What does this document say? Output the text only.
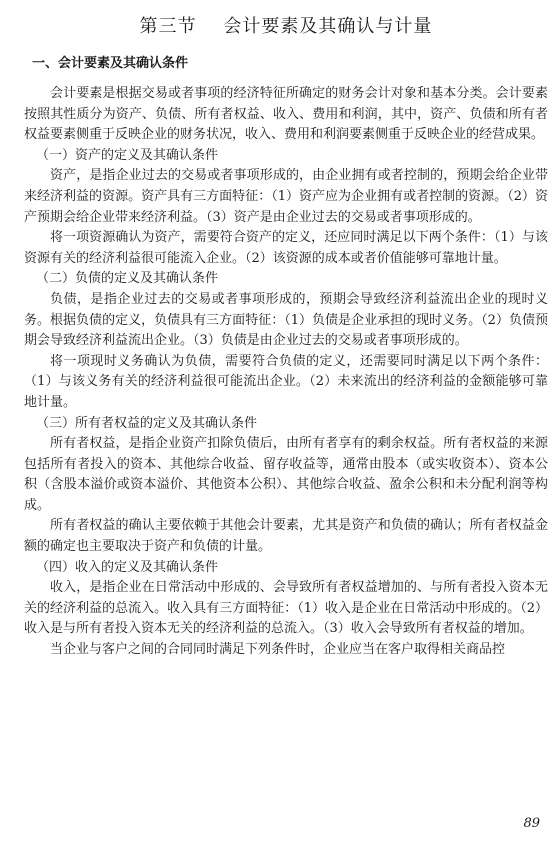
第三节    会计要素及其确认与计量
一、会计要素及其确认条件

会计要素是根据交易或者事项的经济特征所确定的财务会计对象和基本分类。会计要素按照其性质分为资产、负债、所有者权益、收入、费用和利润，其中，资产、负债和所有者权益要素侧重于反映企业的财务状况，收入、费用和利润要素侧重于反映企业的经营成果。

（一）资产的定义及其确认条件

资产，是指企业过去的交易或者事项形成的，由企业拥有或者控制的，预期会给企业带来经济利益的资源。资产具有三方面特征：（1）资产应为企业拥有或者控制的资源。（2）资产预期会给企业带来经济利益。（3）资产是由企业过去的交易或者事项形成的。

将一项资源确认为资产，需要符合资产的定义，还应同时满足以下两个条件：（1）与该资源有关的经济利益很可能流入企业。（2）该资源的成本或者价值能够可靠地计量。

（二）负债的定义及其确认条件

负债，是指企业过去的交易或者事项形成的，预期会导致经济利益流出企业的现时义务。根据负债的定义，负债具有三方面特征：（1）负债是企业承担的现时义务。（2）负债预期会导致经济利益流出企业。（3）负债是由企业过去的交易或者事项形成的。

将一项现时义务确认为负债，需要符合负债的定义，还需要同时满足以下两个条件：（1）与该义务有关的经济利益很可能流出企业。（2）未来流出的经济利益的金额能够可靠地计量。

（三）所有者权益的定义及其确认条件

所有者权益，是指企业资产扣除负债后，由所有者享有的剩余权益。所有者权益的来源包括所有者投入的资本、其他综合收益、留存收益等，通常由股本（或实收资本）、资本公积（含股本溢价或资本溢价、其他资本公积）、其他综合收益、盈余公积和未分配利润等构成。

所有者权益的确认主要依赖于其他会计要素，尤其是资产和负债的确认；所有者权益金额的确定也主要取决于资产和负债的计量。

（四）收入的定义及其确认条件

收入，是指企业在日常活动中形成的、会导致所有者权益增加的、与所有者投入资本无关的经济利益的总流入。收入具有三方面特征：（1）收入是企业在日常活动中形成的。（2）收入是与所有者投入资本无关的经济利益的总流入。（3）收入会导致所有者权益的增加。

当企业与客户之间的合同同时满足下列条件时，企业应当在客户取得相关商品控

89
